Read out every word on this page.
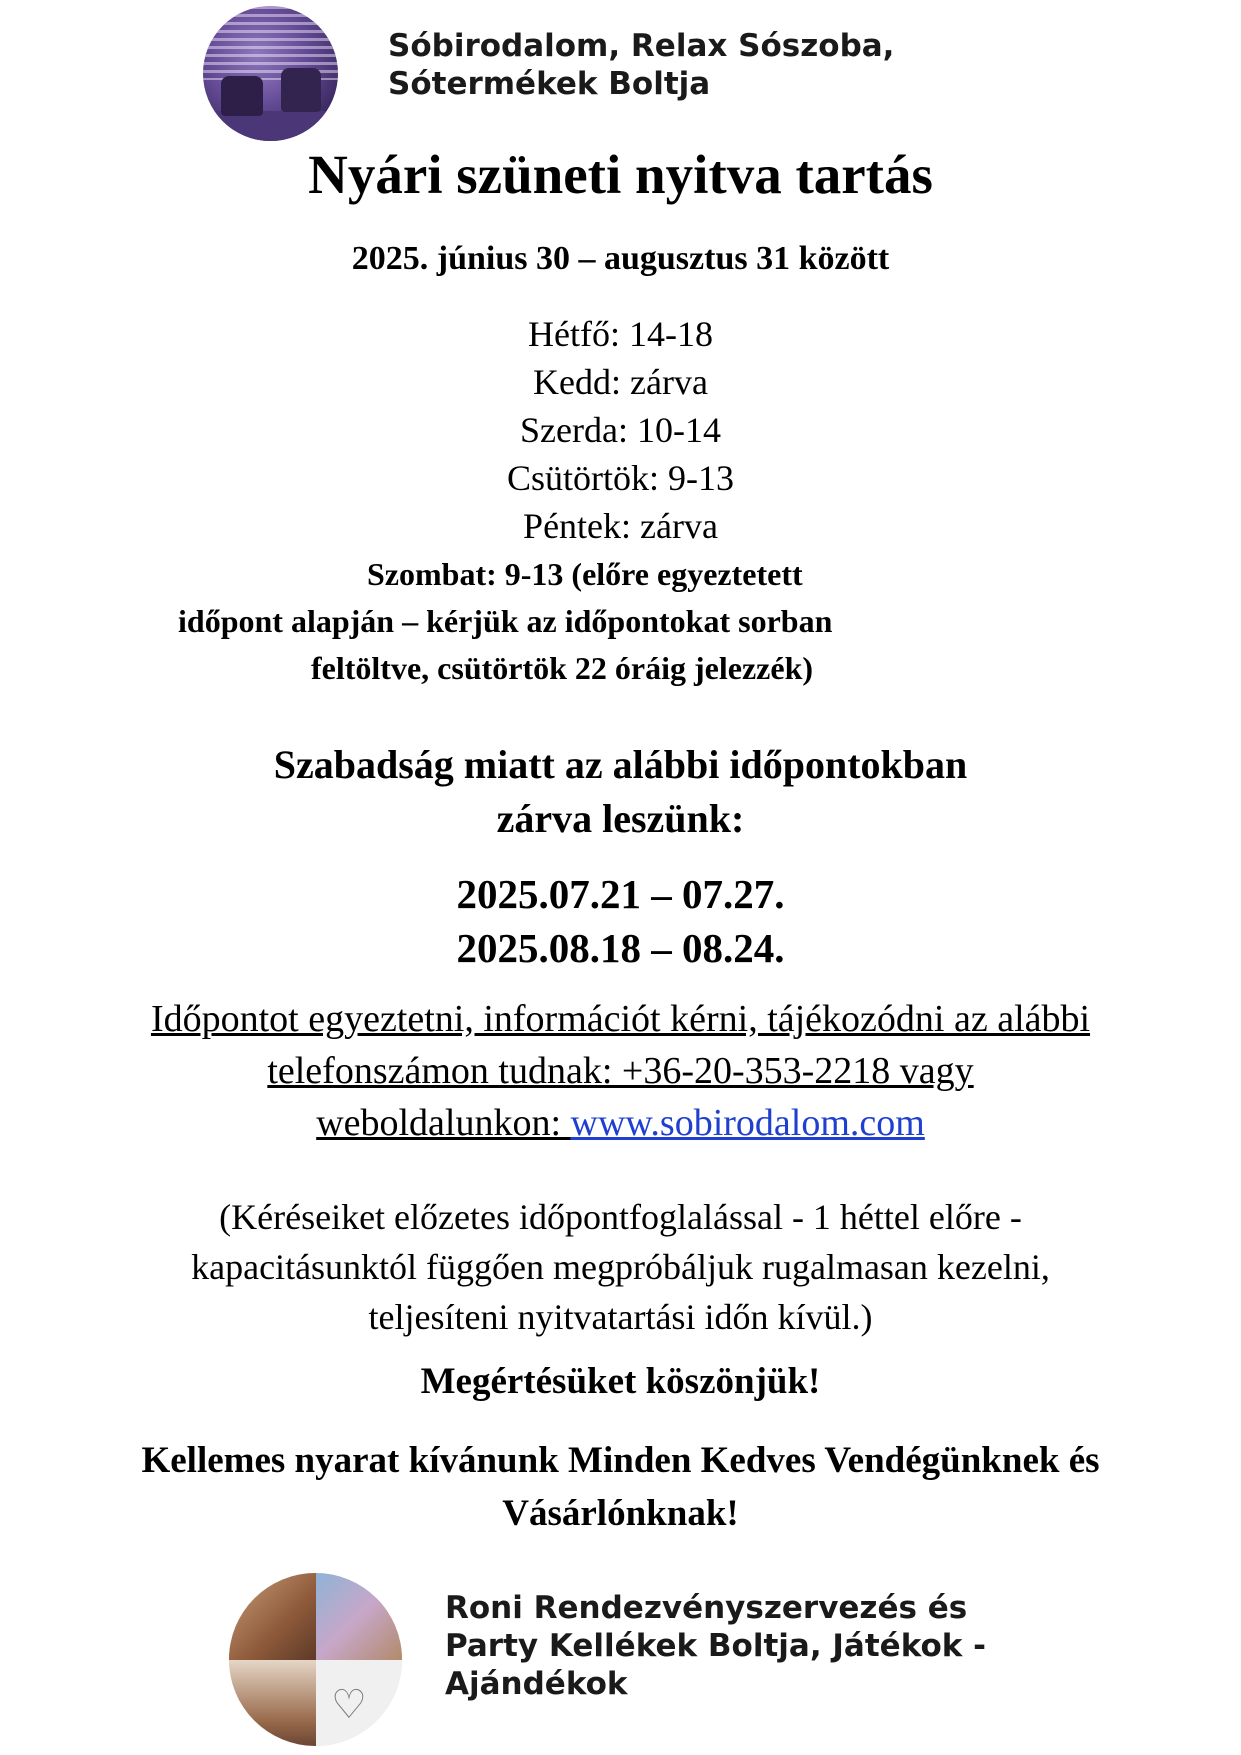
Sóbirodalom, Relax Sószoba,
Sótermékek Boltja
Nyári szüneti nyitva tartás
2025. június 30 – augusztus 31 között
Hétfő: 14-18
Kedd: zárva
Szerda: 10-14
Csütörtök: 9-13
Péntek: zárva
Szombat: 9-13 (előre egyeztetett
időpont alapján – kérjük az időpontokat sorban
feltöltve, csütörtök 22 óráig jelezzék)
Szabadság miatt az alábbi időpontokban
zárva leszünk:
2025.07.21 – 07.27.
2025.08.18 – 08.24.
Időpontot egyeztetni, információt kérni, tájékozódni az alábbi
telefonszámon tudnak: +36-20-353-2218 vagy
weboldalunkon: www.sobirodalom.com
(Kéréseiket előzetes időpontfoglalással - 1 héttel előre -
kapacitásunktól függően megpróbáljuk rugalmasan kezelni,
teljesíteni nyitvatartási időn kívül.)
Megértésüket köszönjük!
Kellemes nyarat kívánunk Minden Kedves Vendégünknek és
Vásárlónknak!
♡
Roni Rendezvényszervezés és
Party Kellékek Boltja, Játékok -
Ajándékok
